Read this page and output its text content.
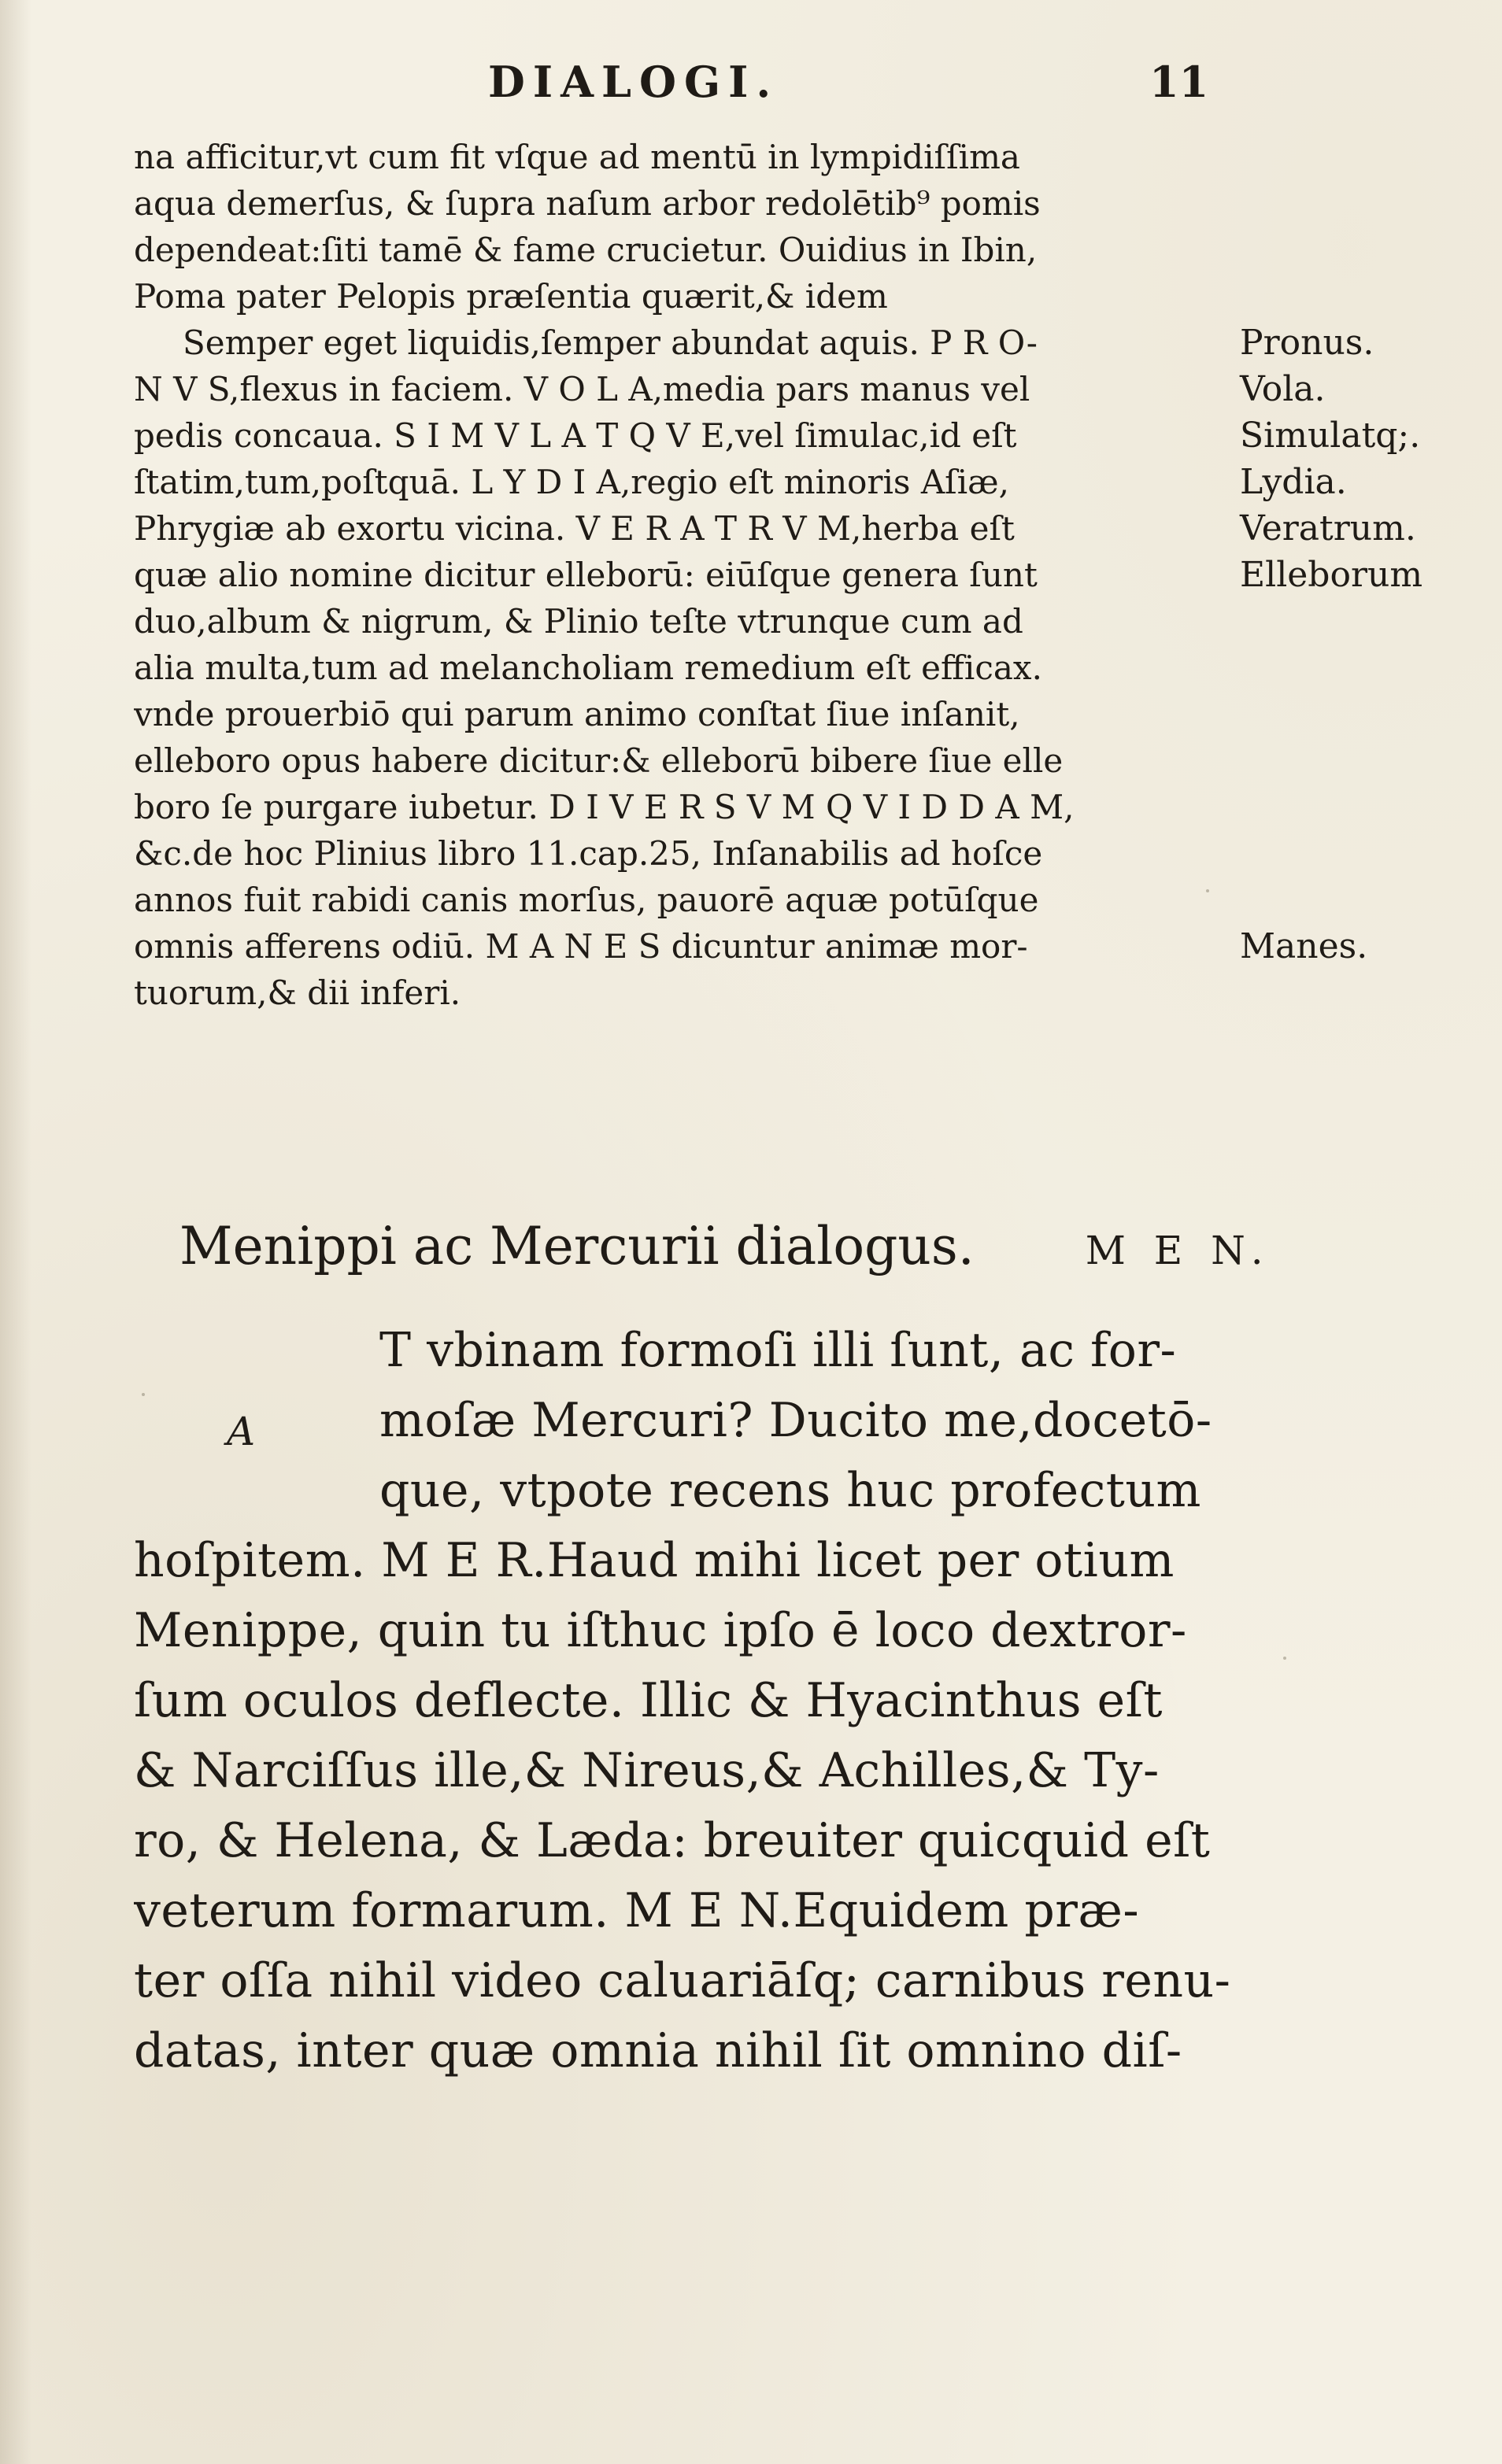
DIALOGI.	11
na afficitur,vt cum fit vſque ad mentū in lympidiſſima
aqua demerſus, & ſupra naſum arbor redolētib⁹ pomis
dependeat:ſiti tamē & fame crucietur. Ouidius in Ibin,
Poma pater Pelopis præſentia quærit,& idem
Semper eget liquidis,ſemper abundat aquis. P R O-
N V S,flexus in faciem. V O L A,media pars manus vel
pedis concaua. S I M V L A T Q V E,vel ſimulac,id eſt
ſtatim,tum,poſtquā. L Y D I A,regio eſt minoris Aſiæ,
Phrygiæ ab exortu vicina. V E R A T R V M,herba eſt
quæ alio nomine dicitur elleborū: eiūſque genera ſunt
duo,album & nigrum, & Plinio teſte vtrunque cum ad
alia multa,tum ad melancholiam remedium eſt efficax.
vnde prouerbiō qui parum animo conſtat ſiue inſanit,
elleboro opus habere dicitur:& elleborū bibere ſiue elle
boro ſe purgare iubetur. D I V E R S V M Q V I D D A M,
&c.de hoc Plinius libro 11.cap.25, Inſanabilis ad hoſce
annos fuit rabidi canis morſus, pauorē aquæ potūſque
omnis afferens odiū. M A N E S dicuntur animæ mor-
tuorum,& dii inferi.
Pronus.
Vola.
Simulatq;.
Lydia.
Veratrum.
Elleborum
Manes.
Menippi ac Mercurii dialogus.	M E N.
A
T vbinam formoſi illi ſunt, ac for-
moſæ Mercuri? Ducito me,docetō-
que, vtpote recens huc profectum
hoſpitem. M E R.Haud mihi licet per otium
Menippe, quin tu iſthuc ipſo ē loco dextror-
ſum oculos deflecte. Illic & Hyacinthus eſt
& Narciſſus ille,& Nireus,& Achilles,& Ty-
ro, & Helena, & Læda: breuiter quicquid eſt
veterum formarum. M E N.Equidem præ-
ter oſſa nihil video caluariāſq; carnibus renu-
datas, inter quæ omnia nihil ſit omnino diſ-
